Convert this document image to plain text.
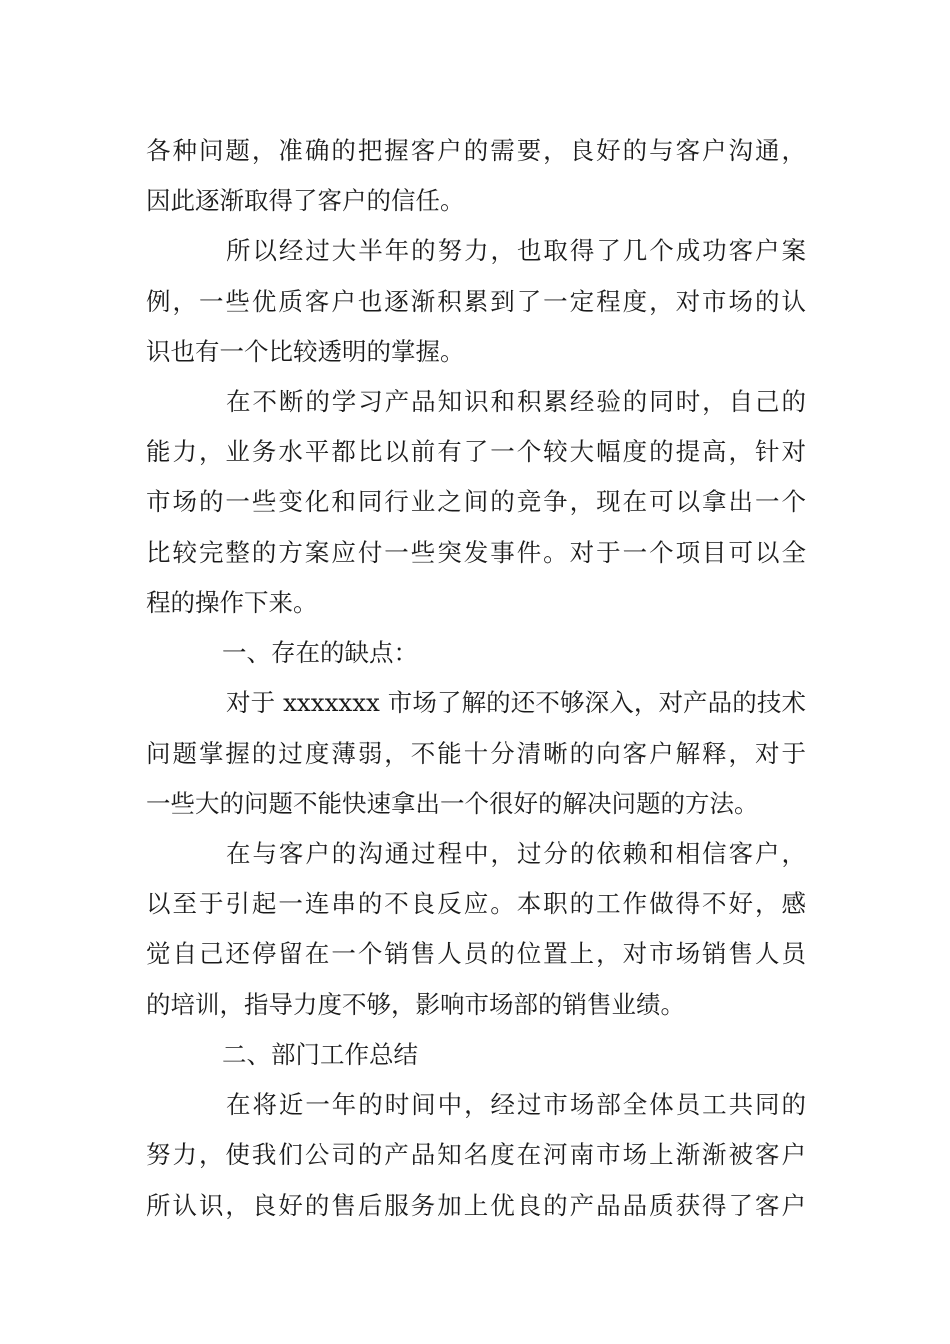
各种问题，准确的把握客户的需要，良好的与客户沟通，
因此逐渐取得了客户的信任。
所以经过大半年的努力，也取得了几个成功客户案
例，一些优质客户也逐渐积累到了一定程度，对市场的认
识也有一个比较透明的掌握。
在不断的学习产品知识和积累经验的同时，自己的
能力，业务水平都比以前有了一个较大幅度的提高，针对
市场的一些变化和同行业之间的竞争，现在可以拿出一个
比较完整的方案应付一些突发事件。对于一个项目可以全
程的操作下来。
一、存在的缺点：
对于 xxxxxxx 市场了解的还不够深入，对产品的技术
问题掌握的过度薄弱，不能十分清晰的向客户解释，对于
一些大的问题不能快速拿出一个很好的解决问题的方法。
在与客户的沟通过程中，过分的依赖和相信客户，
以至于引起一连串的不良反应。本职的工作做得不好，感
觉自己还停留在一个销售人员的位置上，对市场销售人员
的培训，指导力度不够，影响市场部的销售业绩。
二、部门工作总结
在将近一年的时间中，经过市场部全体员工共同的
努力，使我们公司的产品知名度在河南市场上渐渐被客户
所认识，良好的售后服务加上优良的产品品质获得了客户
